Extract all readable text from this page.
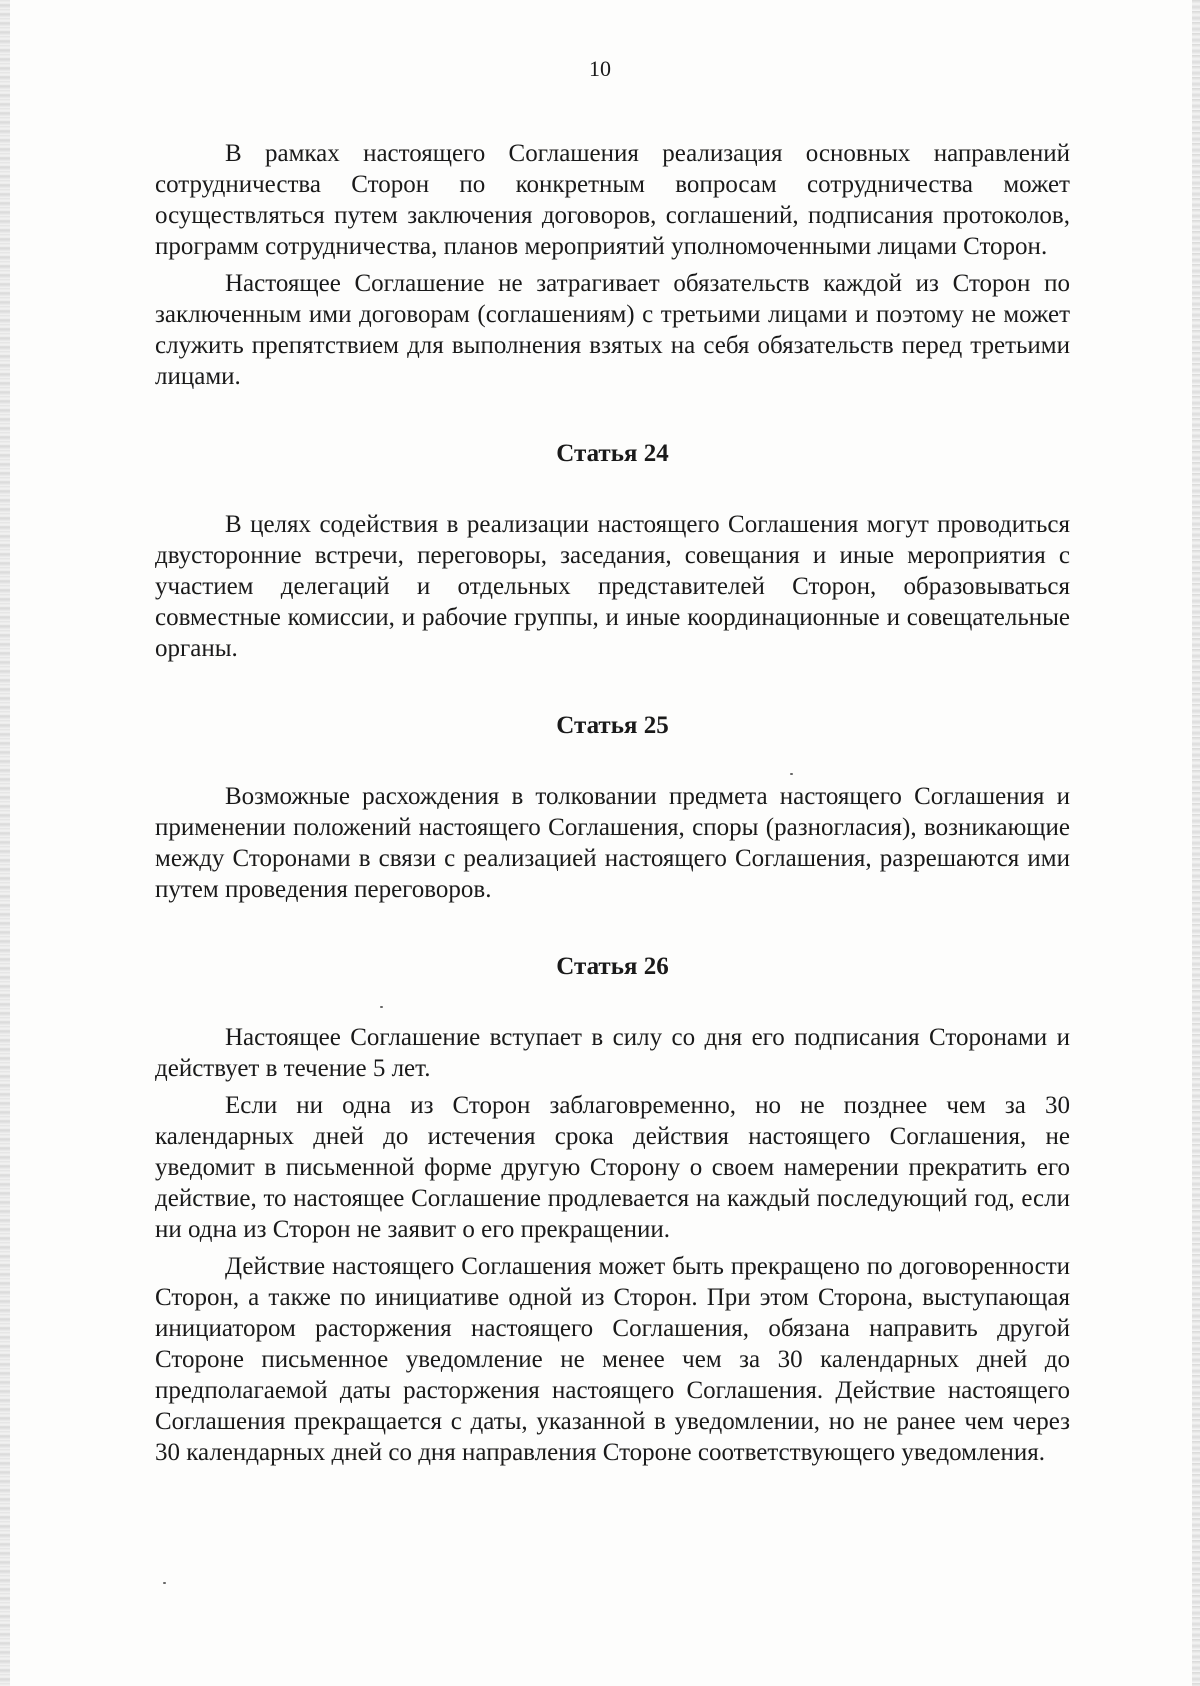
10

В рамках настоящего Соглашения реализация основных направлений сотрудничества Сторон по конкретным вопросам сотрудничества может осуществляться путем заключения договоров, соглашений, подписания протоколов, программ сотрудничества, планов мероприятий уполномоченными лицами Сторон.

Настоящее Соглашение не затрагивает обязательств каждой из Сторон по заключенным ими договорам (соглашениям) с третьими лицами и поэтому не может служить препятствием для выполнения взятых на себя обязательств перед третьими лицами.

Статья 24

В целях содействия в реализации настоящего Соглашения могут проводиться двусторонние встречи, переговоры, заседания, совещания и иные мероприятия с участием делегаций и отдельных представителей Сторон, образовываться совместные комиссии, и рабочие группы, и иные координационные и совещательные органы.

Статья 25

Возможные расхождения в толковании предмета настоящего Соглашения и применении положений настоящего Соглашения, споры (разногласия), возникающие между Сторонами в связи с реализацией настоящего Соглашения, разрешаются ими путем проведения переговоров.

Статья 26

Настоящее Соглашение вступает в силу со дня его подписания Сторонами и действует в течение 5 лет.

Если ни одна из Сторон заблаговременно, но не позднее чем за 30 календарных дней до истечения срока действия настоящего Соглашения, не уведомит в письменной форме другую Сторону о своем намерении прекратить его действие, то настоящее Соглашение продлевается на каждый последующий год, если ни одна из Сторон не заявит о его прекращении.

Действие настоящего Соглашения может быть прекращено по договоренности Сторон, а также по инициативе одной из Сторон. При этом Сторона, выступающая инициатором расторжения настоящего Соглашения, обязана направить другой Стороне письменное уведомление не менее чем за 30 календарных дней до предполагаемой даты расторжения настоящего Соглашения. Действие настоящего Соглашения прекращается с даты, указанной в уведомлении, но не ранее чем через 30 календарных дней со дня направления Стороне соответствующего уведомления.
